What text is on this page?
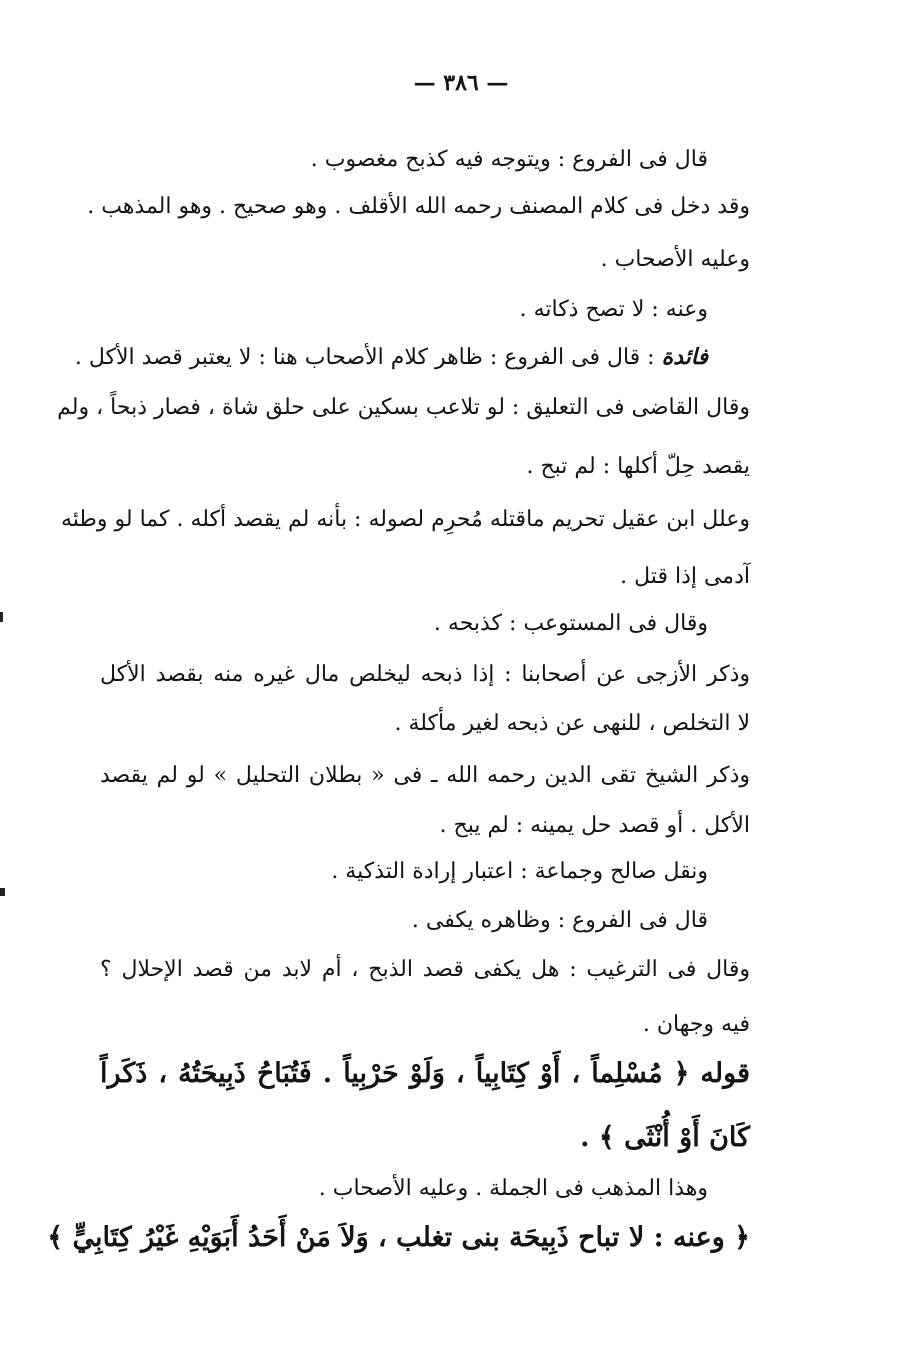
— ٣٨٦ —
قال فى الفروع : ويتوجه فيه كذبح مغصوب .
وقد دخل فى كلام المصنف رحمه الله الأقلف . وهو صحيح . وهو المذهب .
وعليه الأصحاب .
وعنه : لا تصح ذكاته .
فائدة : قال فى الفروع : ظاهر كلام الأصحاب هنا : لا يعتبر قصد الأكل .
وقال القاضى فى التعليق : لو تلاعب بسكين على حلق شاة ، فصار ذبحاً ، ولم
يقصد حِلّ أكلها : لم تبح .
وعلل ابن عقيل تحريم ماقتله مُحرِم لصوله : بأنه لم يقصد أكله . كما لو وطئه
آدمى إذا قتل .
وقال فى المستوعب : كذبحه .
وذكر الأزجى عن أصحابنا : إذا ذبحه ليخلص مال غيره منه بقصد الأكل
لا التخلص ، للنهى عن ذبحه لغير مأكلة .
وذكر الشيخ تقى الدين رحمه الله ـ فى « بطلان التحليل » لو لم يقصد
الأكل . أو قصد حل يمينه : لم يبح .
ونقل صالح وجماعة : اعتبار إرادة التذكية .
قال فى الفروع : وظاهره يكفى .
وقال فى الترغيب : هل يكفى قصد الذبح ، أم لابد من قصد الإحلال ؟
فيه وجهان .
قوله ﴿ مُسْلِماً ، أَوْ كِتَابِياً ، وَلَوْ حَرْبِياً . فَتُبَاحُ ذَبِيحَتُهُ ، ذَكَراً
كَانَ أَوْ أُنْثَى ﴾ .
وهذا المذهب فى الجملة . وعليه الأصحاب .
﴿ وعنه : لا تباح ذَبِيحَة بنى تغلب ، وَلاَ مَنْ أَحَدُ أَبَوَيْهِ غَيْرُ كِتَابِيٍّ ﴾
